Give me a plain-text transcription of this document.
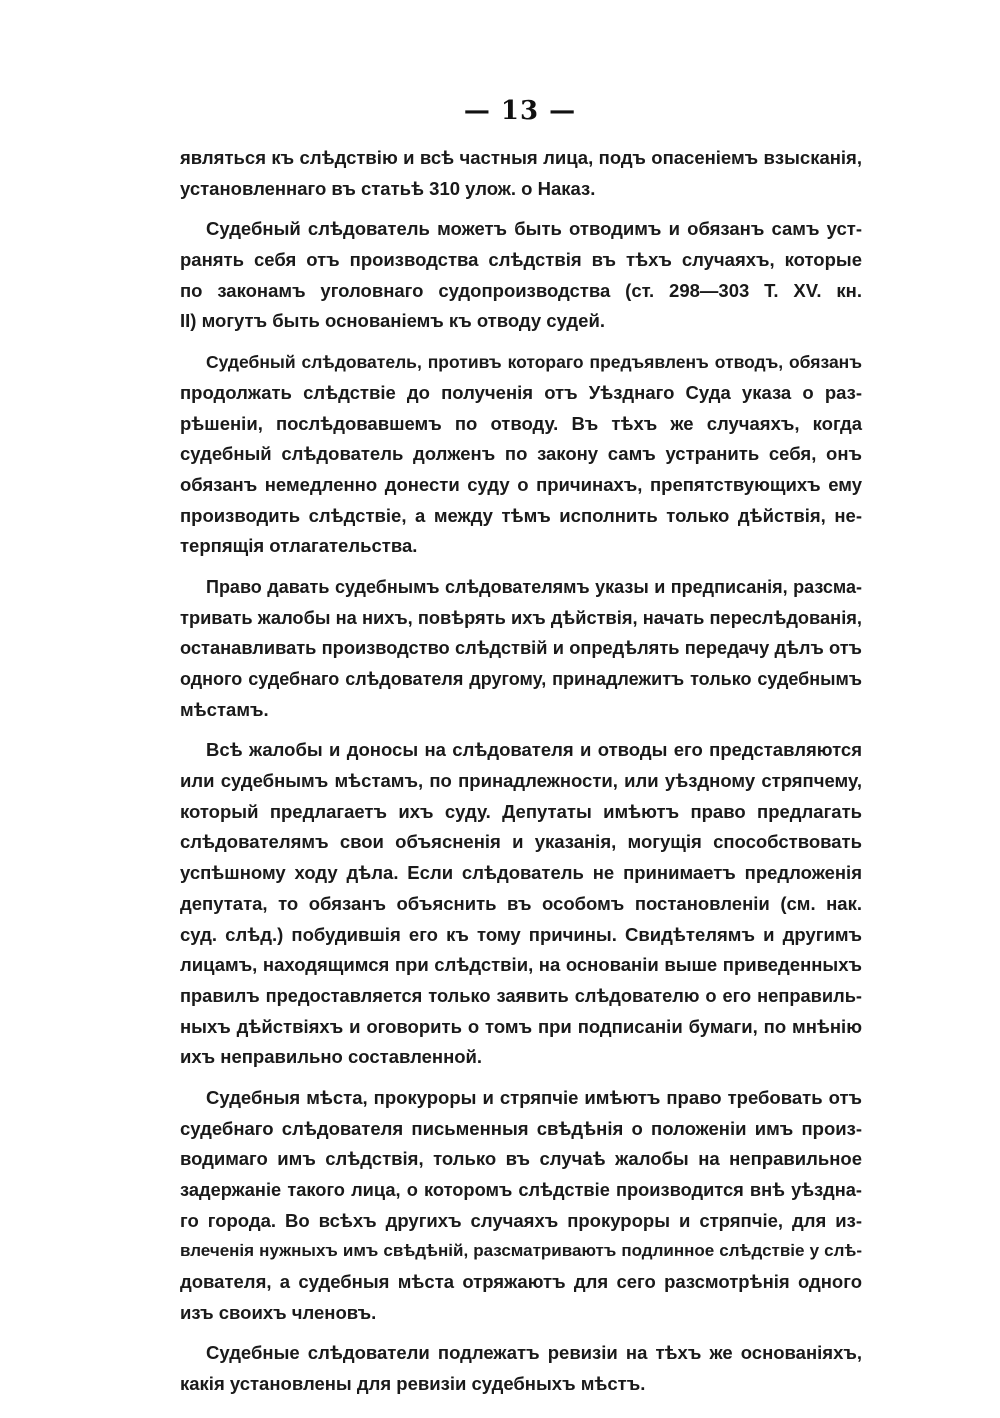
— 13 —
являться къ слѣдствію и всѣ частныя лица, подъ опасеніемъ взысканія,
установленнаго въ статьѣ 310 улож. о Наказ.
Судебный слѣдователь можетъ быть отводимъ и обязанъ самъ уст-
ранять себя отъ производства слѣдствія въ тѣхъ случаяхъ, которые
по законамъ уголовнаго судопроизводства (ст. 298—303 Т. XV. кн.
II) могутъ быть основаніемъ къ отводу судей.
Судебный слѣдователь, противъ котораго предъявленъ отводъ, обязанъ
продолжать слѣдствіе до полученія отъ Уѣзднаго Суда указа о раз-
рѣшеніи, послѣдовавшемъ по отводу. Въ тѣхъ же случаяхъ, когда
судебный слѣдователь долженъ по закону самъ устранить себя, онъ
обязанъ немедленно донести суду о причинахъ, препятствующихъ ему
производить слѣдствіе, а между тѣмъ исполнить только дѣйствія, не-
терпящія отлагательства.
Право давать судебнымъ слѣдователямъ указы и предписанія, разсма-
тривать жалобы на нихъ, повѣрять ихъ дѣйствія, начать переслѣдованія,
останавливать производство слѣдствій и опредѣлять передачу дѣлъ отъ
одного судебнаго слѣдователя другому, принадлежитъ только судебнымъ
мѣстамъ.
Всѣ жалобы и доносы на слѣдователя и отводы его представляются
или судебнымъ мѣстамъ, по принадлежности, или уѣздному стряпчему,
который предлагаетъ ихъ суду. Депутаты имѣютъ право предлагать
слѣдователямъ свои объясненія и указанія, могущія способствовать
успѣшному ходу дѣла. Если слѣдователь не принимаетъ предложенія
депутата, то обязанъ объяснить въ особомъ постановленіи (см. нак.
суд. слѣд.) побудившія его къ тому причины. Свидѣтелямъ и другимъ
лицамъ, находящимся при слѣдствіи, на основаніи выше приведенныхъ
правилъ предоставляется только заявить слѣдователю о его неправиль-
ныхъ дѣйствіяхъ и оговорить о томъ при подписаніи бумаги, по мнѣнію
ихъ неправильно составленной.
Судебныя мѣста, прокуроры и стряпчіе имѣютъ право требовать отъ
судебнаго слѣдователя письменныя свѣдѣнія о положеніи имъ произ-
водимаго имъ слѣдствія, только въ случаѣ жалобы на неправильное
задержаніе такого лица, о которомъ слѣдствіе производится внѣ уѣздна-
го города. Во всѣхъ другихъ случаяхъ прокуроры и стряпчіе, для из-
влеченія нужныхъ имъ свѣдѣній, разсматриваютъ подлинное слѣдствіе у слѣ-
дователя, а судебныя мѣста отряжаютъ для сего разсмотрѣнія одного
изъ своихъ членовъ.
Судебные слѣдователи подлежатъ ревизіи на тѣхъ же основаніяхъ,
какія установлены для ревизіи судебныхъ мѣстъ.
